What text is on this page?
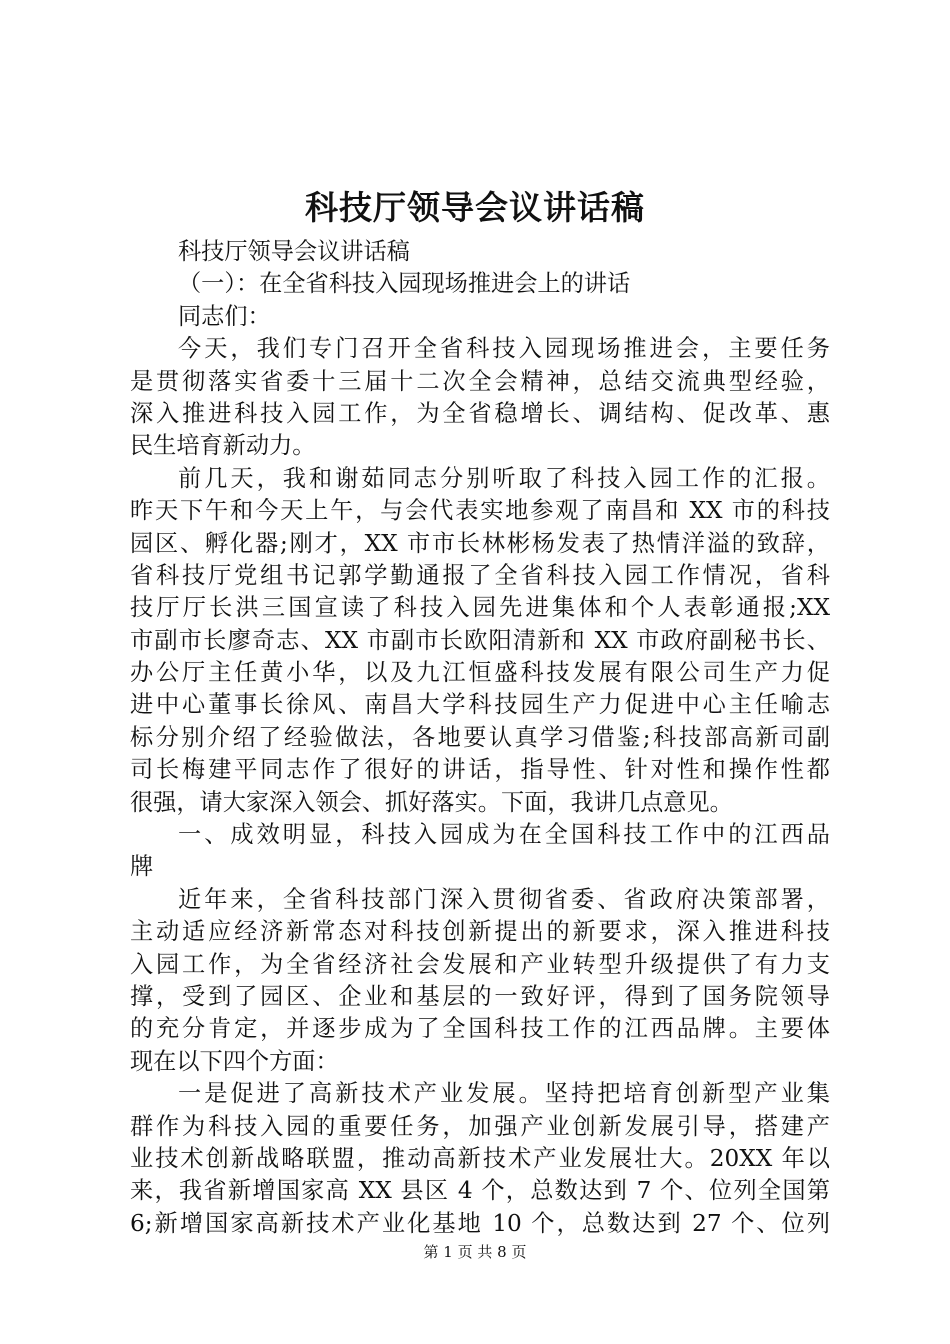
科技厅领导会议讲话稿
科技厅领导会议讲话稿
（一）：在全省科技入园现场推进会上的讲话
同志们：
今天，我们专门召开全省科技入园现场推进会，主要任务
是贯彻落实省委十三届十二次全会精神，总结交流典型经验，
深入推进科技入园工作，为全省稳增长、调结构、促改革、惠
民生培育新动力。
前几天，我和谢茹同志分别听取了科技入园工作的汇报。
昨天下午和今天上午，与会代表实地参观了南昌和 XX 市的科技
园区、孵化器;刚才，XX 市市长林彬杨发表了热情洋溢的致辞，
省科技厅党组书记郭学勤通报了全省科技入园工作情况，省科
技厅厅长洪三国宣读了科技入园先进集体和个人表彰通报;XX
市副市长廖奇志、XX 市副市长欧阳清新和 XX 市政府副秘书长、
办公厅主任黄小华，以及九江恒盛科技发展有限公司生产力促
进中心董事长徐风、南昌大学科技园生产力促进中心主任喻志
标分别介绍了经验做法，各地要认真学习借鉴;科技部高新司副
司长梅建平同志作了很好的讲话，指导性、针对性和操作性都
很强，请大家深入领会、抓好落实。下面，我讲几点意见。
一、成效明显，科技入园成为在全国科技工作中的江西品
牌
近年来，全省科技部门深入贯彻省委、省政府决策部署，
主动适应经济新常态对科技创新提出的新要求，深入推进科技
入园工作，为全省经济社会发展和产业转型升级提供了有力支
撑，受到了园区、企业和基层的一致好评，得到了国务院领导
的充分肯定，并逐步成为了全国科技工作的江西品牌。主要体
现在以下四个方面：
一是促进了高新技术产业发展。坚持把培育创新型产业集
群作为科技入园的重要任务，加强产业创新发展引导，搭建产
业技术创新战略联盟，推动高新技术产业发展壮大。20XX 年以
来，我省新增国家高 XX 县区 4 个，总数达到 7 个、位列全国第
6;新增国家高新技术产业化基地 10 个，总数达到 27 个、位列
第 1 页 共 8 页
